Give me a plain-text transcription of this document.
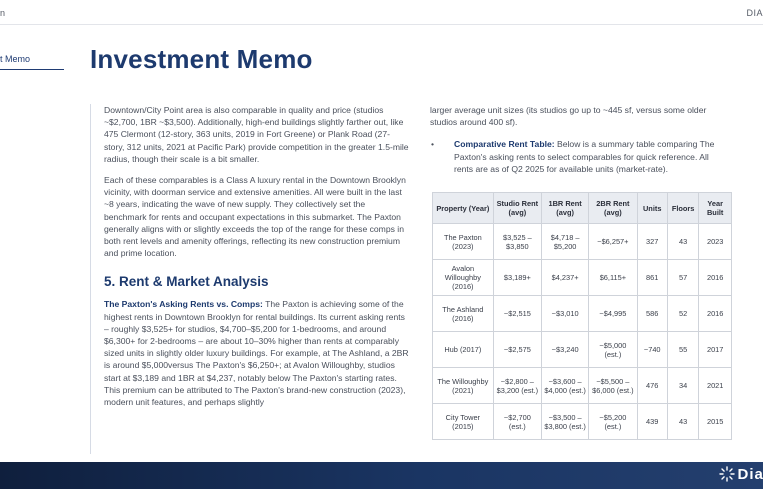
n	DIA
t Memo Investment Memo

Downtown/City Point area is also comparable in quality and price (studios ~$2,700, 1BR ~$3,500). Additionally, high-end buildings slightly farther out, like 475 Clermont (12-story, 363 units, 2019 in Fort Greene) or Plank Road (27-story, 312 units, 2021 at Pacific Park) provide competition in the greater 1.5-mile radius, though their scale is a bit smaller.

Each of these comparables is a Class A luxury rental in the Downtown Brooklyn vicinity, with doorman service and extensive amenities. All were built in the last ~8 years, indicating the wave of new supply. They collectively set the benchmark for rents and occupant expectations in this submarket. The Paxton generally aligns with or slightly exceeds the top of the range for these comps in both rent levels and amenity offerings, reflecting its new construction premium and prime location.

5. Rent & Market Analysis

The Paxton's Asking Rents vs. Comps: The Paxton is achieving some of the highest rents in Downtown Brooklyn for rental buildings. Its current asking rents – roughly $3,525+ for studios, $4,700–$5,200 for 1-bedrooms, and around $6,300+ for 2-bedrooms – are about 10–30% higher than rents at comparably sized units in slightly older luxury buildings. For example, at The Ashland, a 2BR is around $5,000versus The Paxton's $6,250+; at Avalon Willoughby, studios start at $3,189 and 1BR at $4,237, notably below The Paxton's starting rates. This premium can be attributed to The Paxton's brand-new construction (2023), modern unit features, and perhaps slightly

larger average unit sizes (its studios go up to ~445 sf, versus some older studios around 400 sf).

• Comparative Rent Table: Below is a summary table comparing The Paxton's asking rents to select comparables for quick reference. All rents are as of Q2 2025 for available units (market-rate).
Property (Year)	Studio Rent (avg)	1BR Rent (avg)	2BR Rent (avg)	Units	Floors	Year Built
The Paxton (2023)	$3,525 – $3,850	$4,718 – $5,200	~$6,257+	327	43	2023
Avalon Willoughby (2016)	$3,189+	$4,237+	$6,115+	861	57	2016
The Ashland (2016)	~$2,515	~$3,010	~$4,995	586	52	2016
Hub (2017)	~$2,575	~$3,240	~$5,000 (est.)	~740	55	2017
The Willoughby (2021)	~$2,800 – $3,200 (est.)	~$3,600 – $4,000 (est.)	~$5,500 – $6,000 (est.)	476	34	2021
City Tower (2015)	~$2,700 (est.)	~$3,500 – $3,800 (est.)	~$5,200 (est.)	439	43	2015
Dial
